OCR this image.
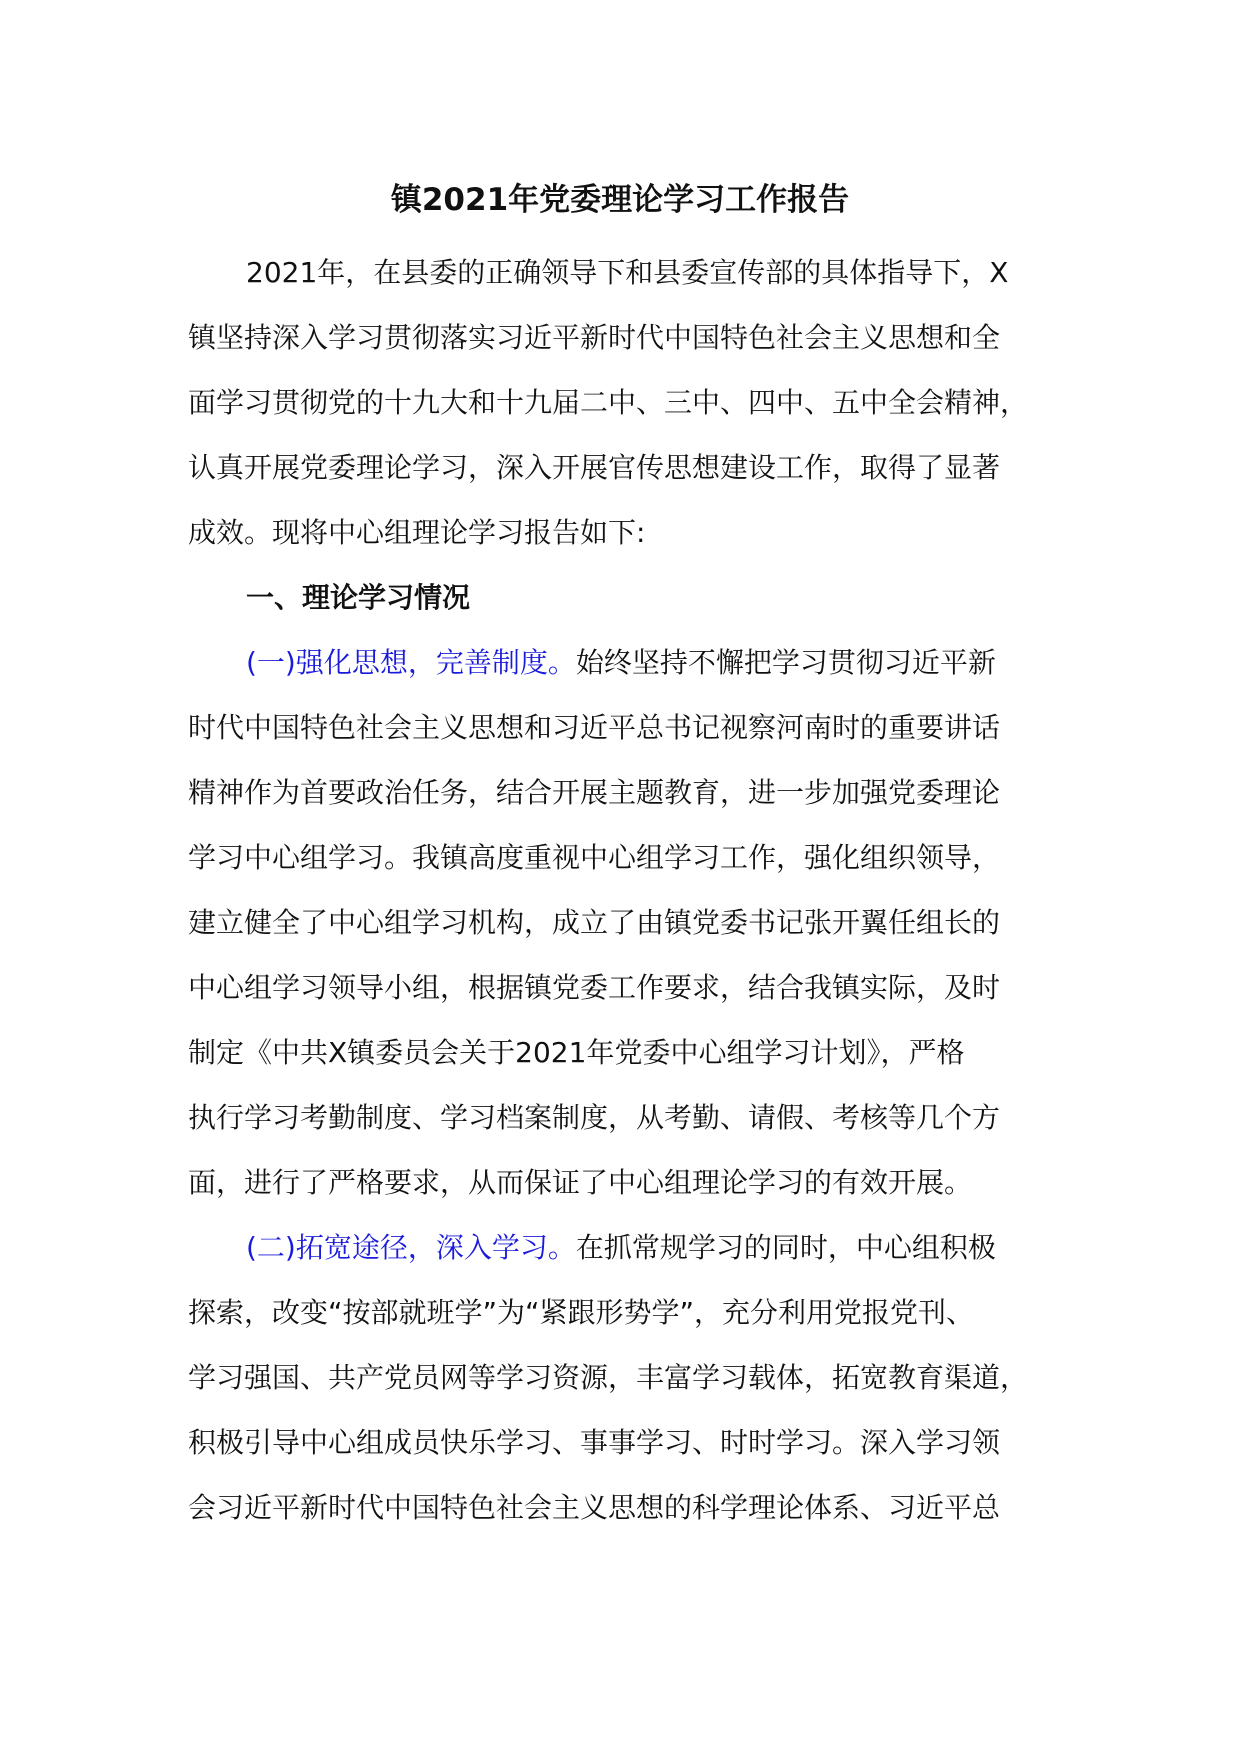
镇2021年党委理论学习工作报告
2021年，在县委的正确领导下和县委宣传部的具体指导下，X
镇坚持深入学习贯彻落实习近平新时代中国特色社会主义思想和全
面学习贯彻党的十九大和十九届二中、三中、四中、五中全会精神，
认真开展党委理论学习，深入开展官传思想建设工作，取得了显著
成效。现将中心组理论学习报告如下:
一、理论学习情况
(一)强化思想，完善制度。始终坚持不懈把学习贯彻习近平新
时代中国特色社会主义思想和习近平总书记视察河南时的重要讲话
精神作为首要政治任务，结合开展主题教育，进一步加强党委理论
学习中心组学习。我镇高度重视中心组学习工作，强化组织领导，
建立健全了中心组学习机构，成立了由镇党委书记张开翼任组长的
中心组学习领导小组，根据镇党委工作要求，结合我镇实际，及时
制定《中共X镇委员会关于2021年党委中心组学习计划》，严格
执行学习考勤制度、学习档案制度，从考勤、请假、考核等几个方
面，进行了严格要求，从而保证了中心组理论学习的有效开展。
(二)拓宽途径，深入学习。在抓常规学习的同时，中心组积极
探索，改变“按部就班学”为“紧跟形势学”，充分利用党报党刊、
学习强国、共产党员网等学习资源，丰富学习载体，拓宽教育渠道，
积极引导中心组成员快乐学习、事事学习、时时学习。深入学习领
会习近平新时代中国特色社会主义思想的科学理论体系、习近平总
